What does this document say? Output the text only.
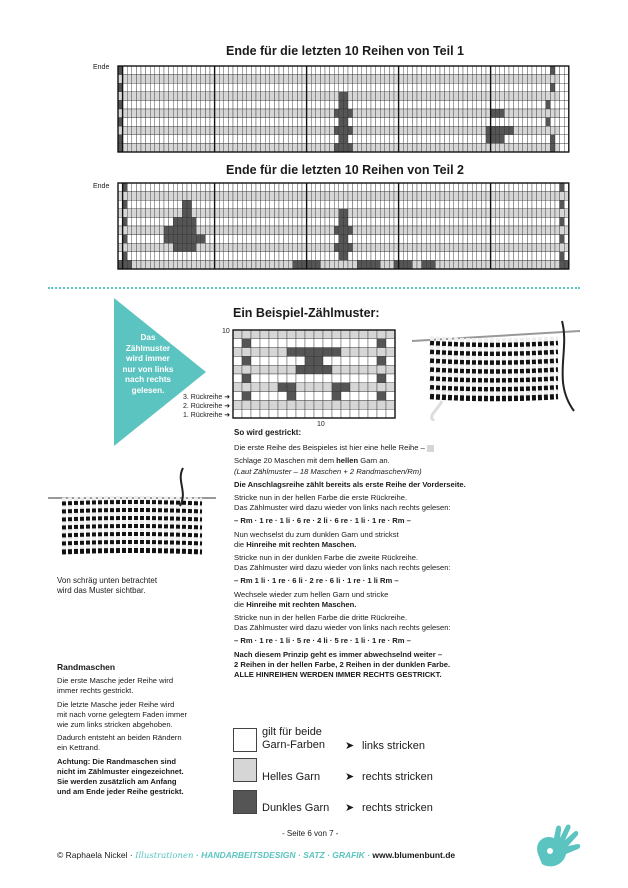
Ende für die letzten 10 Reihen von Teil 1
Ende
Ende für die letzten 10 Reihen von Teil 2
Ende
Das
Zählmuster
wird immer
nur von links
nach rechts
gelesen.
Ein Beispiel-Zählmuster:
10
10
3. Rückreihe ➜
2. Rückreihe ➜
1. Rückreihe ➜
Von schräg unten betrachtet
wird das Muster sichtbar.
So wird gestrickt:
Die erste Reihe des Beispieles ist hier eine helle Reihe –
Schlage 20 Maschen mit dem hellen Garn an.
(Laut Zählmuster – 18 Maschen + 2 Randmaschen/Rm)
Die Anschlagsreihe zählt bereits als erste Reihe der Vorderseite.
Stricke nun in der hellen Farbe die erste Rückreihe.
Das Zählmuster wird dazu wieder von links nach rechts gelesen:
– Rm · 1 re · 1 li · 6 re · 2 li · 6 re · 1 li · 1 re · Rm –
Nun wechselst du zum dunklen Garn und strickst
die Hinreihe mit rechten Maschen.
Stricke nun in der dunklen Farbe die zweite Rückreihe.
Das Zählmuster wird dazu wieder von links nach rechts gelesen:
– Rm 1 li · 1 re · 6 li · 2 re · 6 li · 1 re · 1 li Rm –
Wechsele wieder zum hellen Garn und stricke
die Hinreihe mit rechten Maschen.
Stricke nun in der hellen Farbe die dritte Rückreihe.
Das Zählmuster wird dazu wieder von links nach rechts gelesen:
– Rm · 1 re · 1 li · 5 re · 4 li · 5 re · 1 li · 1 re · Rm –
Nach diesem Prinzip geht es immer abwechselnd weiter –
2 Reihen in der hellen Farbe, 2 Reihen in der dunklen Farbe.
ALLE HINREIHEN WERDEN IMMER RECHTS GESTRICKT.
Randmaschen
Die erste Masche jeder Reihe wird
immer rechts gestrickt.
Die letzte Masche jeder Reihe wird
mit nach vorne gelegtem Faden immer
wie zum links stricken abgehoben.
Dadurch entsteht an beiden Rändern
ein Kettrand.
Achtung: Die Randmaschen sind
nicht im Zählmuster eingezeichnet.
Sie werden zusätzlich am Anfang
und am Ende jeder Reihe gestrickt.
gilt für beide
Garn-Farben ➤ links stricken
Helles Garn ➤ rechts stricken
Dunkles Garn ➤ rechts stricken
- Seite 6 von 7 -
© Raphaela Nickel · Illustrationen · HANDARBEITSDESIGN · SATZ · GRAFIK · www.blumenbunt.de
